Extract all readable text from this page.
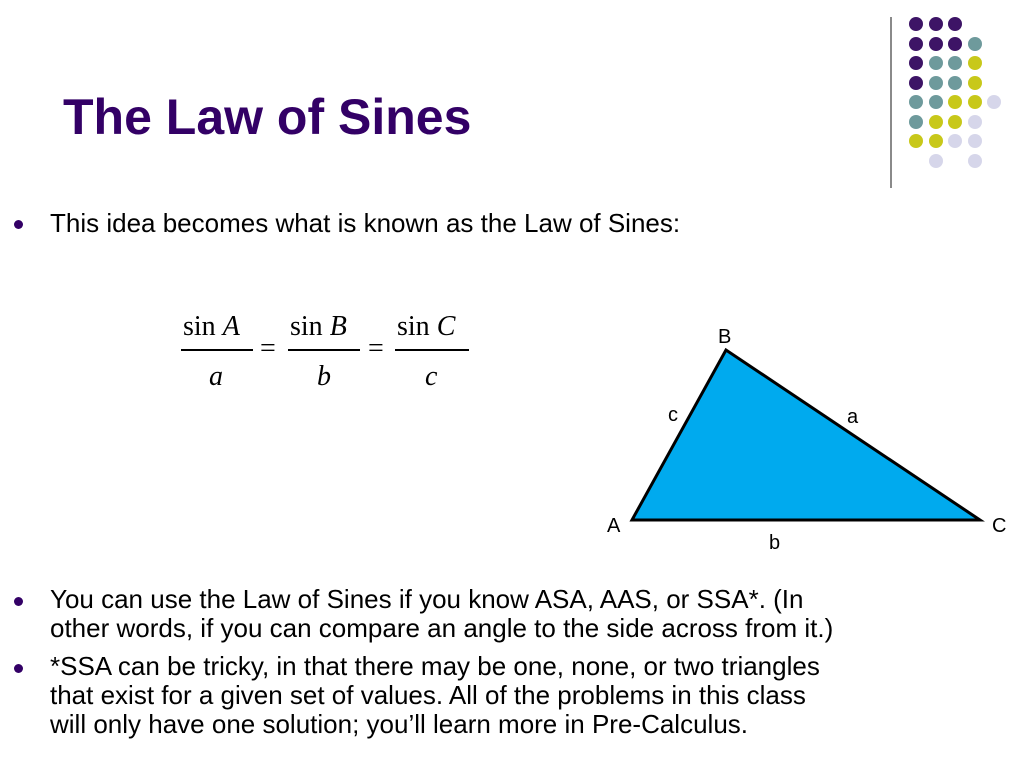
The Law of Sines
This idea becomes what is known as the Law of Sines:
sin A
a
=
sin B
b
=
sin C
c
B
A	C
c	a
b
You can use the Law of Sines if you know ASA, AAS, or SSA*. (In
other words, if you can compare an angle to the side across from it.)
*SSA can be tricky, in that there may be one, none, or two triangles
that exist for a given set of values. All of the problems in this class
will only have one solution; you’ll learn more in Pre-Calculus.
